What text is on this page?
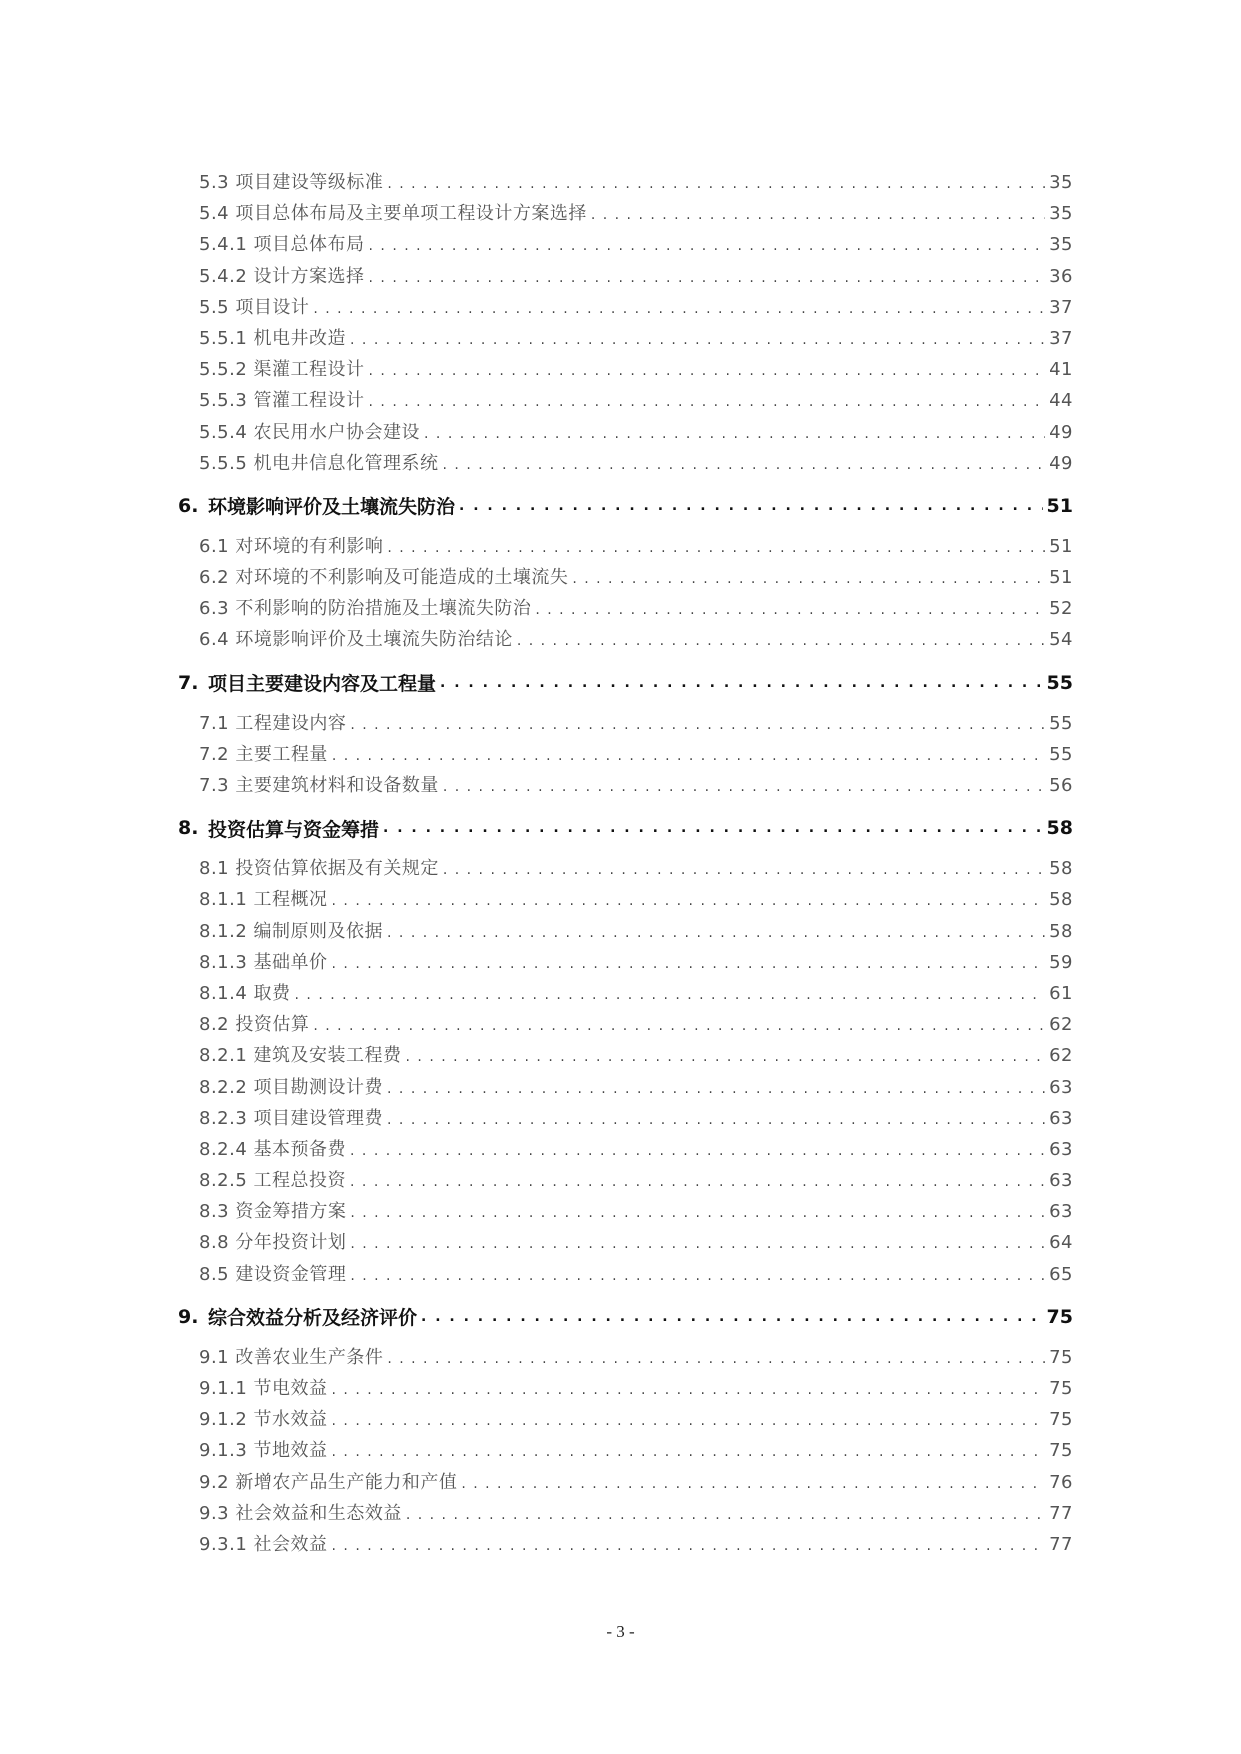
5.3 项目建设等级标准 . . .	35
5.4 项目总体布局及主要单项工程设计方案选择 . . .	35
5.4.1 项目总体布局 . . .	35
5.4.2 设计方案选择 . . .	36
5.5 项目设计 . . .	37
5.5.1 机电井改造 . . .	37
5.5.2 渠灌工程设计 . . .	41
5.5.3 管灌工程设计 . . .	44
5.5.4 农民用水户协会建设 . . .	49
5.5.5 机电井信息化管理系统 . . .	49
6. 环境影响评价及土壤流失防治 . . .	51
6.1 对环境的有利影响 . . .	51
6.2 对环境的不利影响及可能造成的土壤流失 . . .	51
6.3 不利影响的防治措施及土壤流失防治 . . .	52
6.4 环境影响评价及土壤流失防治结论 . . .	54
7. 项目主要建设内容及工程量 . . .	55
7.1 工程建设内容 . . .	55
7.2 主要工程量 . . .	55
7.3 主要建筑材料和设备数量 . . .	56
8. 投资估算与资金筹措 . . .	58
8.1 投资估算依据及有关规定 . . .	58
8.1.1 工程概况 . . .	58
8.1.2 编制原则及依据 . . .	58
8.1.3 基础单价 . . .	59
8.1.4 取费 . . .	61
8.2 投资估算 . . .	62
8.2.1 建筑及安装工程费 . . .	62
8.2.2 项目勘测设计费 . . .	63
8.2.3 项目建设管理费 . . .	63
8.2.4 基本预备费 . . .	63
8.2.5 工程总投资 . . .	63
8.3 资金筹措方案 . . .	63
8.8 分年投资计划 . . .	64
8.5 建设资金管理 . . .	65
9. 综合效益分析及经济评价 . . .	75
9.1 改善农业生产条件 . . .	75
9.1.1 节电效益 . . .	75
9.1.2 节水效益 . . .	75
9.1.3 节地效益 . . .	75
9.2 新增农产品生产能力和产值 . . .	76
9.3 社会效益和生态效益 . . .	77
9.3.1 社会效益 . . .	77
- 3 -
